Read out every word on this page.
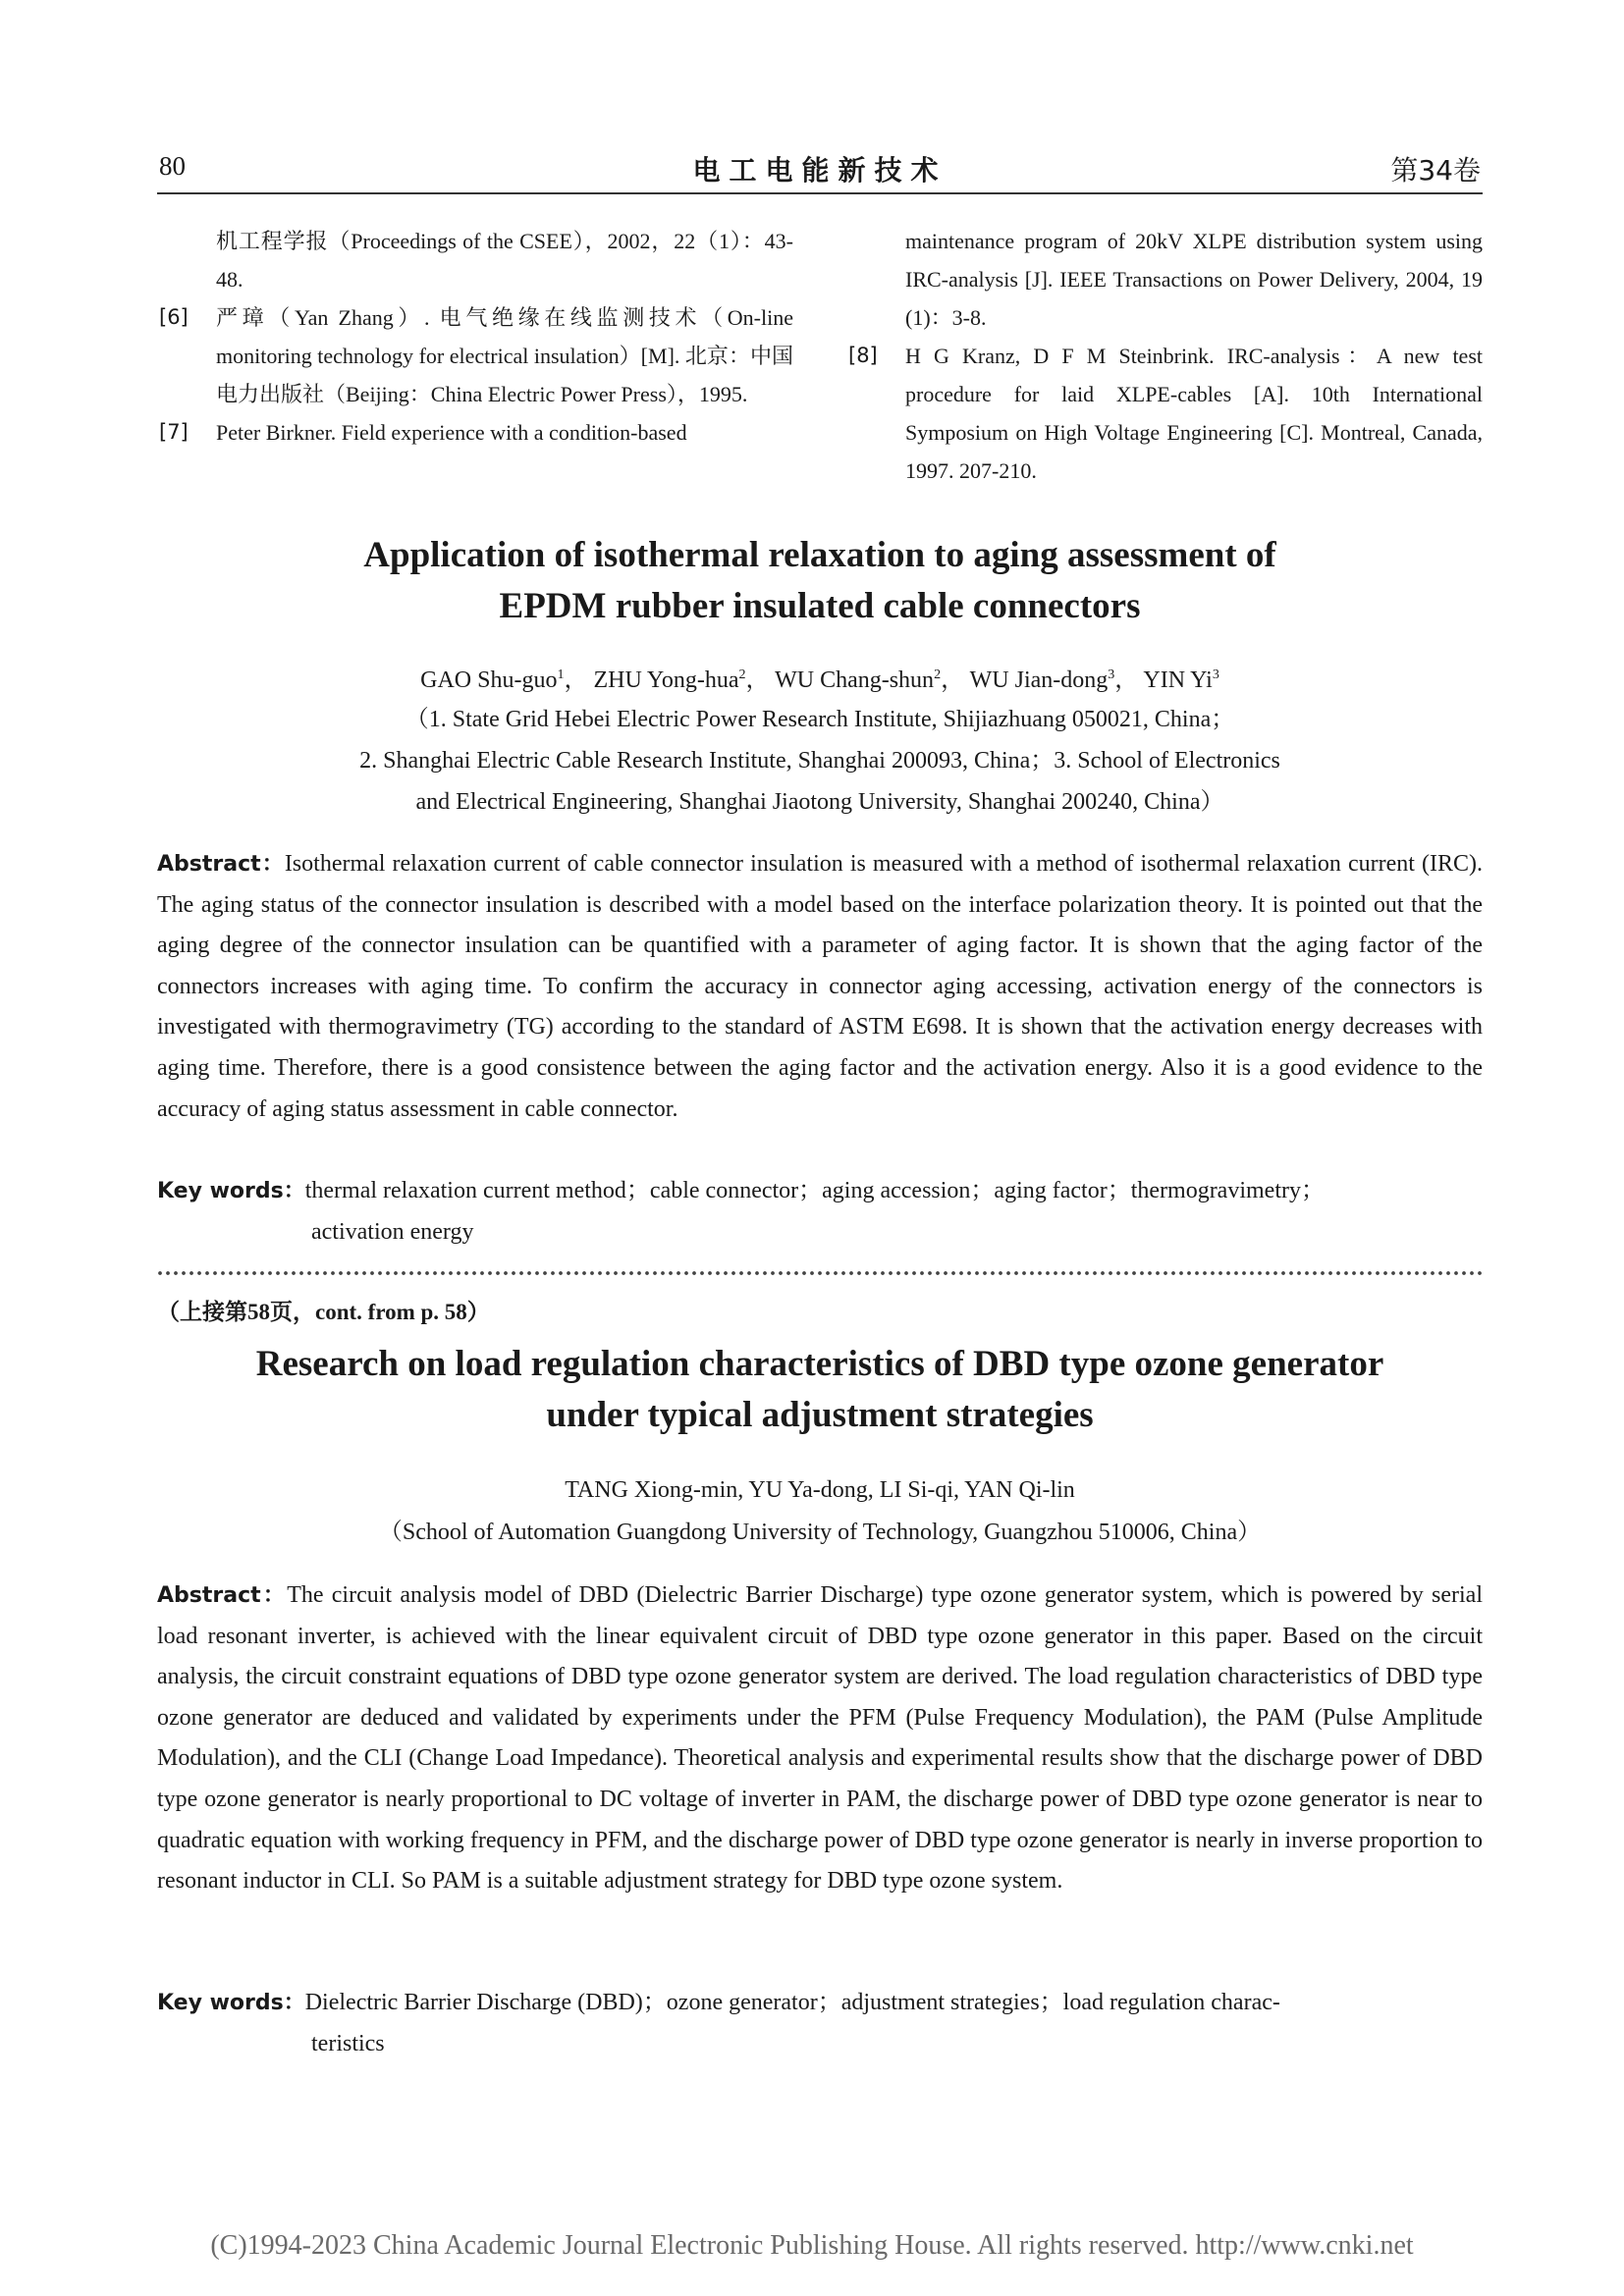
80	电工电能新技术	第34卷
机工程学报（Proceedings of the CSEE），2002，22（1）：43-48.
[6] 严璋（Yan Zhang）. 电气绝缘在线监测技术（On-line monitoring technology for electrical insulation）[M]. 北京：中国电力出版社（Beijing：China Electric Power Press），1995.
[7] Peter Birkner. Field experience with a condition-based
maintenance program of 20kV XLPE distribution system using IRC-analysis [J]. IEEE Transactions on Power Delivery, 2004, 19 (1)：3-8.
[8] H G Kranz, D F M Steinbrink. IRC-analysis：A new test procedure for laid XLPE-cables [A]. 10th International Symposium on High Voltage Engineering [C]. Montreal, Canada, 1997. 207-210.
Application of isothermal relaxation to aging assessment of
EPDM rubber insulated cable connectors
GAO Shu-guo$^1$， ZHU Yong-hua$^2$， WU Chang-shun$^2$， WU Jian-dong$^3$， YIN Yi$^3$
（1. State Grid Hebei Electric Power Research Institute, Shijiazhuang 050021, China；
2. Shanghai Electric Cable Research Institute, Shanghai 200093, China；3. School of Electronics
and Electrical Engineering, Shanghai Jiaotong University, Shanghai 200240, China）
Abstract：Isothermal relaxation current of cable connector insulation is measured with a method of isothermal relaxation current (IRC). The aging status of the connector insulation is described with a model based on the interface polarization theory. It is pointed out that the aging degree of the connector insulation can be quantified with a parameter of aging factor. It is shown that the aging factor of the connectors increases with aging time. To confirm the accuracy in connector aging accessing, activation energy of the connectors is investigated with thermogravimetry (TG) according to the standard of ASTM E698. It is shown that the activation energy decreases with aging time. Therefore, there is a good consistence between the aging factor and the activation energy. Also it is a good evidence to the accuracy of aging status assessment in cable connector.
Key words：thermal relaxation current method；cable connector；aging accession；aging factor；thermogravimetry；
activation energy
（上接第58页，cont. from p. 58）
Research on load regulation characteristics of DBD type ozone generator
under typical adjustment strategies
TANG Xiong-min, YU Ya-dong, LI Si-qi, YAN Qi-lin
（School of Automation Guangdong University of Technology, Guangzhou 510006, China）
Abstract：The circuit analysis model of DBD (Dielectric Barrier Discharge) type ozone generator system, which is powered by serial load resonant inverter, is achieved with the linear equivalent circuit of DBD type ozone generator in this paper. Based on the circuit analysis, the circuit constraint equations of DBD type ozone generator system are derived. The load regulation characteristics of DBD type ozone generator are deduced and validated by experiments under the PFM (Pulse Frequency Modulation), the PAM (Pulse Amplitude Modulation), and the CLI (Change Load Impedance). Theoretical analysis and experimental results show that the discharge power of DBD type ozone generator is nearly proportional to DC voltage of inverter in PAM, the discharge power of DBD type ozone generator is near to quadratic equation with working frequency in PFM, and the discharge power of DBD type ozone generator is nearly in inverse proportion to resonant inductor in CLI. So PAM is a suitable adjustment strategy for DBD type ozone system.
Key words：Dielectric Barrier Discharge (DBD)；ozone generator；adjustment strategies；load regulation charac-
teristics
(C)1994-2023 China Academic Journal Electronic Publishing House. All rights reserved. http://www.cnki.net
